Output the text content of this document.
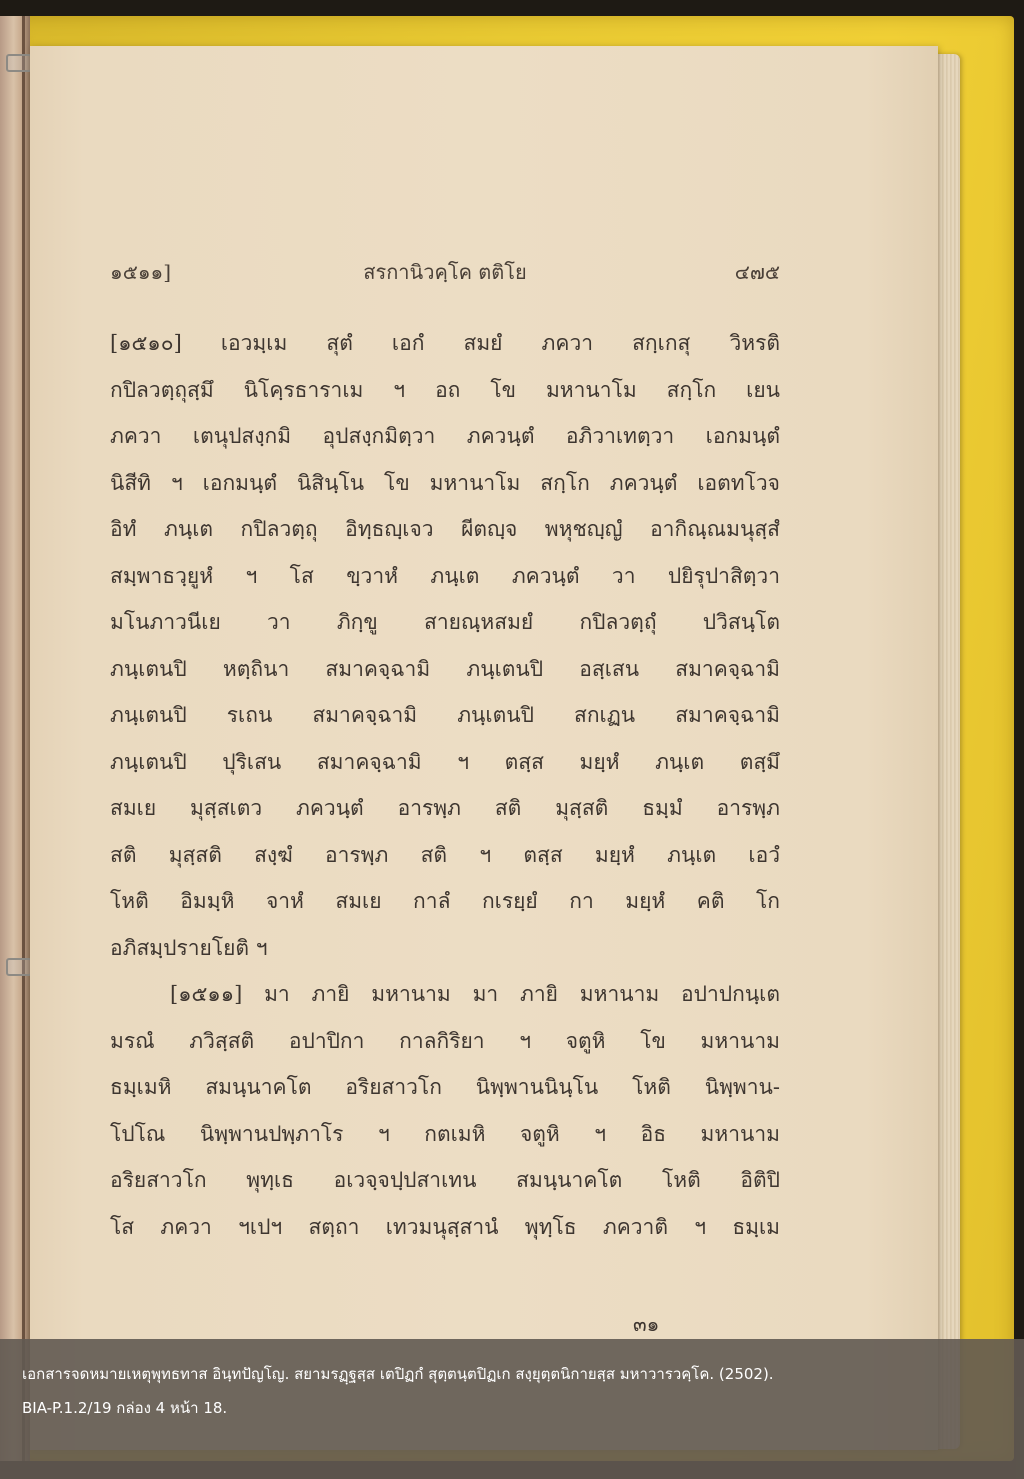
๑๕๑๑]	สรกานิวคฺโค ตติโย	๔๗๕
[๑๕๑๐] เอวมฺเม สุตํ เอกํ สมยํ ภควา สกฺเกสุ วิหรติ
กปิลวตฺถุสฺมึ นิโคฺรธาราเม ฯ อถ โข มหานาโม สกฺโก เยน
ภควา เตนุปสงฺกมิ อุปสงฺกมิตฺวา ภควนฺตํ อภิวาเทตฺวา เอกมนฺตํ
นิสีทิ ฯ เอกมนฺตํ นิสินฺโน โข มหานาโม สกฺโก ภควนฺตํ เอตทโวจ
อิทํ ภนฺเต กปิลวตฺถุ อิทฺธญฺเจว ผีตญฺจ พหุชญฺญํ อากิณฺณมนุสฺสํ
สมฺพาธวฺยูหํ ฯ โส ขฺวาหํ ภนฺเต ภควนฺตํ วา ปยิรุปาสิตฺวา
มโนภาวนีเย วา ภิกฺขู สายณฺหสมยํ กปิลวตฺถุํ ปวิสนฺโต
ภนฺเตนปิ หตฺถินา สมาคจฺฉามิ ภนฺเตนปิ อสฺเสน สมาคจฺฉามิ
ภนฺเตนปิ รเถน สมาคจฺฉามิ ภนฺเตนปิ สกเฏน สมาคจฺฉามิ
ภนฺเตนปิ ปุริเสน สมาคจฺฉามิ ฯ ตสฺส มยฺหํ ภนฺเต ตสฺมึ
สมเย มุสฺสเตว ภควนฺตํ อารพฺภ สติ มุสฺสติ ธมฺมํ อารพฺภ
สติ มุสฺสติ สงฺฆํ อารพฺภ สติ ฯ ตสฺส มยฺหํ ภนฺเต เอวํ
โหติ อิมมฺหิ จาหํ สมเย กาลํ กเรยฺยํ กา มยฺหํ คติ โก
อภิสมฺปรายโยติ ฯ
[๑๕๑๑] มา ภายิ มหานาม มา ภายิ มหานาม อปาปกนฺเต
มรณํ ภวิสฺสติ อปาปิกา กาลกิริยา ฯ จตูหิ โข มหานาม
ธมฺเมหิ สมนฺนาคโต อริยสาวโก นิพฺพานนินฺโน โหติ นิพฺพาน-
โปโณ นิพฺพานปพฺภาโร ฯ กตเมหิ จตูหิ ฯ อิธ มหานาม
อริยสาวโก พุทฺเธ อเวจฺจปฺปสาเทน สมนฺนาคโต โหติ อิติปิ
โส ภควา ฯเปฯ สตฺถา เทวมนุสฺสานํ พุทฺโธ ภควาติ ฯ ธมฺเม
๓๑
เอกสารจดหมายเหตุพุทธทาส อินฺทปัญโญ. สยามรฏฺฐสฺส เตปิฏกํ สุตฺตนฺตปิฏเก สงฺยุตฺตนิกายสฺส มหาวารวคฺโค. (2502).
BIA-P.1.2/19 กล่อง 4 หน้า 18.
